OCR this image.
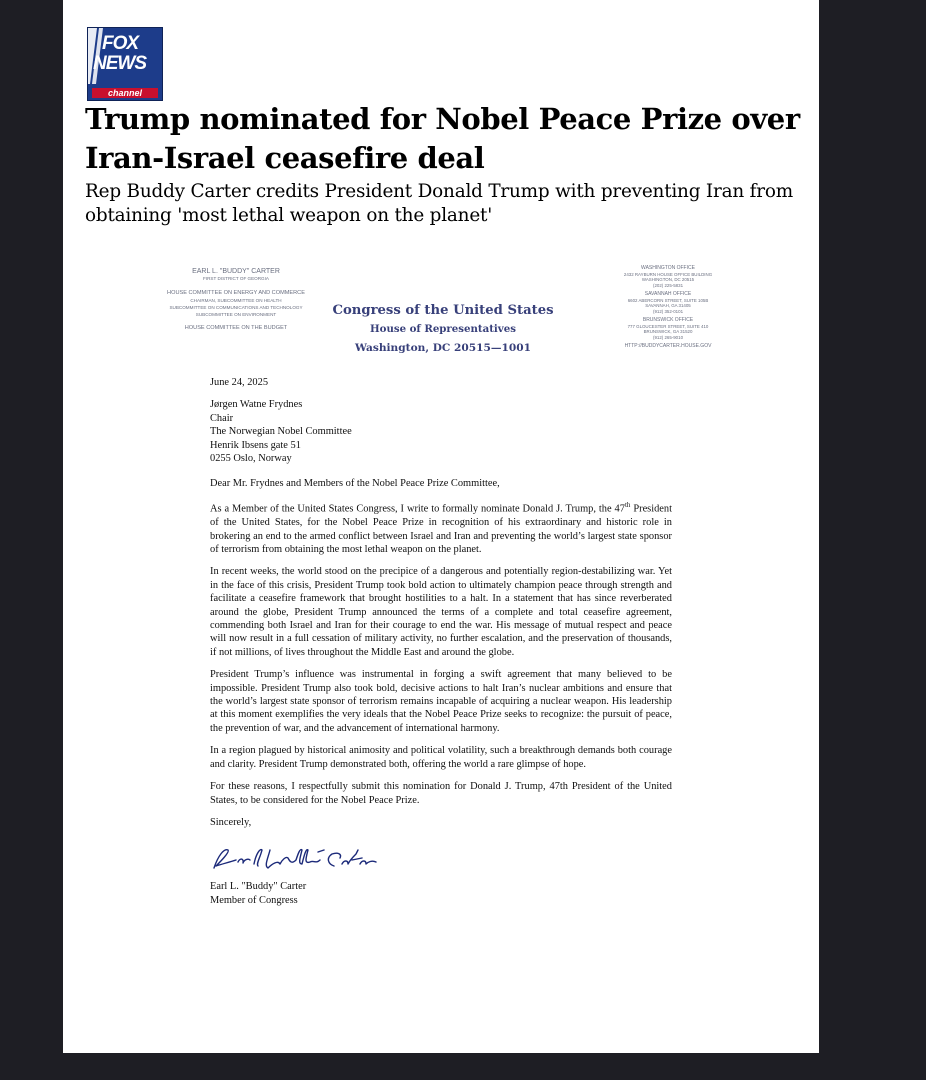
FOX
NEWS
channel
Trump nominated for Nobel Peace Prize over Iran-Israel ceasefire deal

Rep Buddy Carter credits President Donald Trump with preventing Iran from obtaining 'most lethal weapon on the planet'

EARL L. "BUDDY" CARTER
FIRST DISTRICT OF GEORGIA
HOUSE COMMITTEE ON ENERGY AND COMMERCE
CHAIRMAN, SUBCOMMITTEE ON HEALTH
SUBCOMMITTEE ON COMMUNICATIONS AND TECHNOLOGY
SUBCOMMITTEE ON ENVIRONMENT
HOUSE COMMITTEE ON THE BUDGET
Congress of the United States
House of Representatives
Washington, DC 20515—1001
WASHINGTON OFFICE
2432 RAYBURN HOUSE OFFICE BUILDING
WASHINGTON, DC 20515
(202) 225-5831
SAVANNAH OFFICE
6602 ABERCORN STREET, SUITE 105B
SAVANNAH, GA 31405
(912) 352-0101
BRUNSWICK OFFICE
777 GLOUCESTER STREET, SUITE 410
BRUNSWICK, GA 31520
(912) 265-9010
HTTP://BUDDYCARTER.HOUSE.GOV

June 24, 2025

Jørgen Watne Frydnes
Chair
The Norwegian Nobel Committee
Henrik Ibsens gate 51
0255 Oslo, Norway

Dear Mr. Frydnes and Members of the Nobel Peace Prize Committee,

As a Member of the United States Congress, I write to formally nominate Donald J. Trump, the 47th President of the United States, for the Nobel Peace Prize in recognition of his extraordinary and historic role in brokering an end to the armed conflict between Israel and Iran and preventing the world’s largest state sponsor of terrorism from obtaining the most lethal weapon on the planet.

In recent weeks, the world stood on the precipice of a dangerous and potentially region-destabilizing war. Yet in the face of this crisis, President Trump took bold action to ultimately champion peace through strength and facilitate a ceasefire framework that brought hostilities to a halt. In a statement that has since reverberated around the globe, President Trump announced the terms of a complete and total ceasefire agreement, commending both Israel and Iran for their courage to end the war. His message of mutual respect and peace will now result in a full cessation of military activity, no further escalation, and the preservation of thousands, if not millions, of lives throughout the Middle East and around the globe.

President Trump’s influence was instrumental in forging a swift agreement that many believed to be impossible. President Trump also took bold, decisive actions to halt Iran’s nuclear ambitions and ensure that the world’s largest state sponsor of terrorism remains incapable of acquiring a nuclear weapon. His leadership at this moment exemplifies the very ideals that the Nobel Peace Prize seeks to recognize: the pursuit of peace, the prevention of war, and the advancement of international harmony.

In a region plagued by historical animosity and political volatility, such a breakthrough demands both courage and clarity. President Trump demonstrated both, offering the world a rare glimpse of hope.

For these reasons, I respectfully submit this nomination for Donald J. Trump, 47th President of the United States, to be considered for the Nobel Peace Prize.

Sincerely,

Earl L. "Buddy" Carter
Member of Congress
